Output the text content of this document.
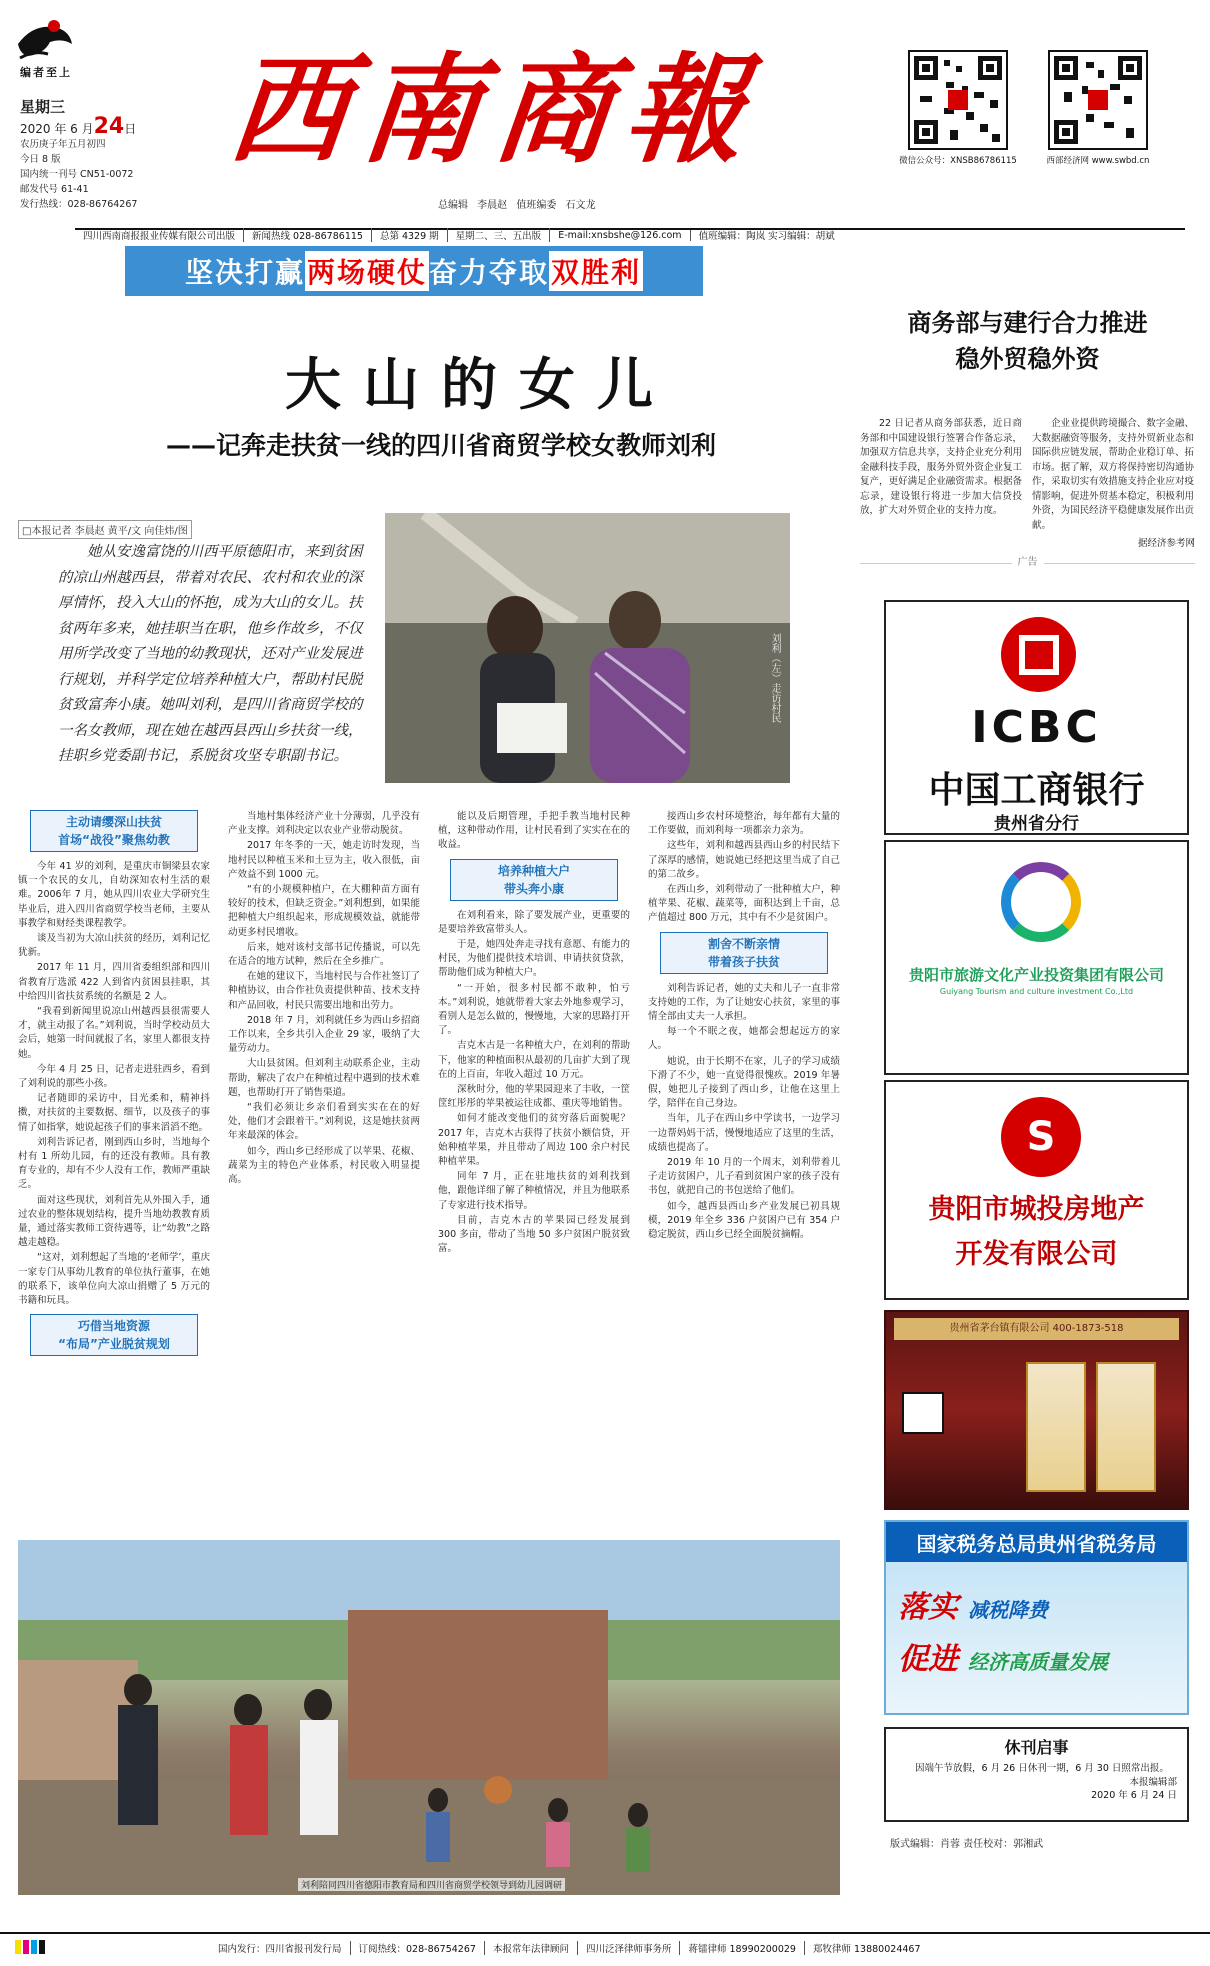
编者至上
星期三
2020 年 6 月24日
农历庚子年五月初四
今日 8 版
国内统一刊号 CN51-0072
邮发代号 61-41
发行热线：028-86764267
西南商報
总编辑 李晨赵 值班编委 石文龙
微信公众号：XNSB86786115	西部经济网 www.swbd.cn
四川西南商报报业传媒有限公司出版	新闻热线 028-86786115	总第 4329 期	星期二、三、五出版	E-mail:xnsbshe@126.com	值班编辑：陶岚 实习编辑：胡斌
坚决打赢 两场硬仗 奋力夺取 双胜利
大山的女儿
——记奔走扶贫一线的四川省商贸学校女教师刘利
□本报记者 李晨赵 黄平/文 向佳炜/图
她从安逸富饶的川西平原德阳市，来到贫困的凉山州越西县，带着对农民、农村和农业的深厚情怀，投入大山的怀抱，成为大山的女儿。扶贫两年多来，她挂职当在职，他乡作故乡，不仅用所学改变了当地的幼教现状，还对产业发展进行规划，并科学定位培养种植大户，帮助村民脱贫致富奔小康。她叫刘利，是四川省商贸学校的一名女教师，现在她在越西县西山乡扶贫一线，挂职乡党委副书记，系脱贫攻坚专职副书记。
刘利（左）走访村民
主动请缨深山扶贫
首场“战役”聚焦幼教

今年 41 岁的刘利，是重庆市铜梁县农家镇一个农民的女儿，自幼深知农村生活的艰难。2006年 7 月，她从四川农业大学研究生毕业后，进入四川省商贸学校当老师，主要从事教学和财经类课程教学。

谈及当初为大凉山扶贫的经历，刘利记忆犹新。

2017 年 11 月，四川省委组织部和四川省教育厅选派 422 人到省内贫困县挂职，其中给四川省扶贫系统的名额是 2 人。

“我看到新闻里说凉山州越西县很需要人才，就主动报了名。”刘利说，当时学校动员大会后，她第一时间就报了名，家里人都很支持她。

今年 4 月 25 日，记者走进驻西乡，看到了刘利说的那些小孩。

记者随即的采访中，目光柔和，精神抖擞，对扶贫的主要数据、细节，以及孩子的事情了如指掌，她说起孩子们的事来滔滔不绝。

刘利告诉记者，刚到西山乡时，当地每个村有 1 所幼儿园，有的还没有教师。具有教育专业的，却有不少人没有工作，教师严重缺乏。

面对这些现状，刘利首先从外围入手，通过农业的整体规划结构，提升当地幼教教育质量，通过落实教师工资待遇等，让“幼教”之路越走越稳。

“这对，刘利想起了当地的‘老师学’，重庆一家专门从事幼儿教育的单位执行董事，在她的联系下，该单位向大凉山捐赠了 5 万元的书籍和玩具。

巧借当地资源
“布局”产业脱贫规划

当地村集体经济产业十分薄弱，几乎没有产业支撑。刘利决定以农业产业带动脱贫。

2017 年冬季的一天，她走访时发现，当地村民以种植玉米和土豆为主，收入很低，亩产效益不到 1000 元。

“有的小规模种植户，在大棚种苗方面有较好的技术，但缺乏资金。”刘利想到，如果能把种植大户组织起来，形成规模效益，就能带动更多村民增收。

后来，她对该村支部书记传播说，可以先在适合的地方试种，然后在全乡推广。

在她的建议下，当地村民与合作社签订了种植协议，由合作社负责提供种苗、技术支持和产品回收，村民只需要出地和出劳力。

2018 年 7 月，刘利就任乡为西山乡招商工作以来，全乡共引入企业 29 家，吸纳了大量劳动力。

大山县贫困。但刘利主动联系企业，主动帮助，解决了农户在种植过程中遇到的技术难题，也帮助打开了销售渠道。

“我们必须让乡亲们看到实实在在的好处，他们才会跟着干。”刘利说，这是她扶贫两年来最深的体会。

如今，西山乡已经形成了以苹果、花椒、蔬菜为主的特色产业体系，村民收入明显提高。

能以及后期管理，手把手教当地村民种植，这种带动作用，让村民看到了实实在在的收益。

培养种植大户
带头奔小康

在刘利看来，除了要发展产业，更重要的是要培养致富带头人。

于是，她四处奔走寻找有意愿、有能力的村民，为他们提供技术培训、申请扶贫贷款，帮助他们成为种植大户。

“一开始，很多村民都不敢种，怕亏本。”刘利说，她就带着大家去外地参观学习，看别人是怎么做的，慢慢地，大家的思路打开了。

吉克木古是一名种植大户，在刘利的帮助下，他家的种植面积从最初的几亩扩大到了现在的上百亩，年收入超过 10 万元。

深秋时分，他的苹果园迎来了丰收，一筐筐红彤彤的苹果被运往成都、重庆等地销售。

如何才能改变他们的贫穷落后面貌呢？2017 年，吉克木古获得了扶贫小额信贷，开始种植苹果，并且带动了周边 100 余户村民种植苹果。

同年 7 月，正在驻地扶贫的刘利找到他，跟他详细了解了种植情况，并且为他联系了专家进行技术指导。

目前，吉克木古的苹果园已经发展到 300 多亩，带动了当地 50 多户贫困户脱贫致富。

接西山乡农村环境整治，每年都有大量的工作要做，而刘利每一项都亲力亲为。

这些年，刘利和越西县西山乡的村民结下了深厚的感情，她说她已经把这里当成了自己的第二故乡。

在西山乡，刘利带动了一批种植大户，种植苹果、花椒、蔬菜等，面积达到上千亩，总产值超过 800 万元，其中有不少是贫困户。

割舍不断亲情
带着孩子扶贫

刘利告诉记者，她的丈夫和儿子一直非常支持她的工作，为了让她安心扶贫，家里的事情全部由丈夫一人承担。

每一个不眠之夜，她都会想起远方的家人。

她说，由于长期不在家，儿子的学习成绩下滑了不少，她一直觉得很愧疚。2019 年暑假，她把儿子接到了西山乡，让他在这里上学，陪伴在自己身边。

当年，儿子在西山乡中学读书，一边学习一边帮妈妈干活，慢慢地适应了这里的生活，成绩也提高了。

2019 年 10 月的一个周末，刘利带着儿子走访贫困户，儿子看到贫困户家的孩子没有书包，就把自己的书包送给了他们。

如今，越西县西山乡产业发展已初具规模，2019 年全乡 336 户贫困户已有 354 户稳定脱贫，西山乡已经全面脱贫摘帽。

刘利陪同四川省德阳市教育局和四川省商贸学校领导到幼儿园调研
商务部与建行合力推进
稳外贸稳外资
22 日记者从商务部获悉，近日商务部和中国建设银行签署合作备忘录，加强双方信息共享，支持企业充分利用金融科技手段，服务外贸外资企业复工复产，更好满足企业融资需求。根据备忘录，建设银行将进一步加大信贷投放，扩大对外贸企业的支持力度。
企业业提供跨境撮合、数字金融、大数据融资等服务，支持外贸新业态和国际供应链发展，帮助企业稳订单、拓市场。据了解，双方将保持密切沟通协作，采取切实有效措施支持企业应对疫情影响，促进外贸基本稳定，积极利用外资，为国民经济平稳健康发展作出贡献。
据经济参考网
广告
ICBC
中国工商银行
贵州省分行
贵阳市旅游文化产业投资集团有限公司
Guiyang Tourism and culture investment Co.,Ltd
S
贵阳市城投房地产
开发有限公司
贵州省茅台镇有限公司 400-1873-518
国家税务总局贵州省税务局
落实 减税降费
促进 经济高质量发展
休刊启事

因端午节放假，6 月 26 日休刊一期，6 月 30 日照常出报。

本报编辑部
2020 年 6 月 24 日
版式编辑：肖蓉 责任校对：郭湘武
国内发行：四川省报刊发行局	订阅热线：028-86754267	本报常年法律顾问	四川泛泽律师事务所	蒋镭律师 18990200029	郑牧律师 13880024467
